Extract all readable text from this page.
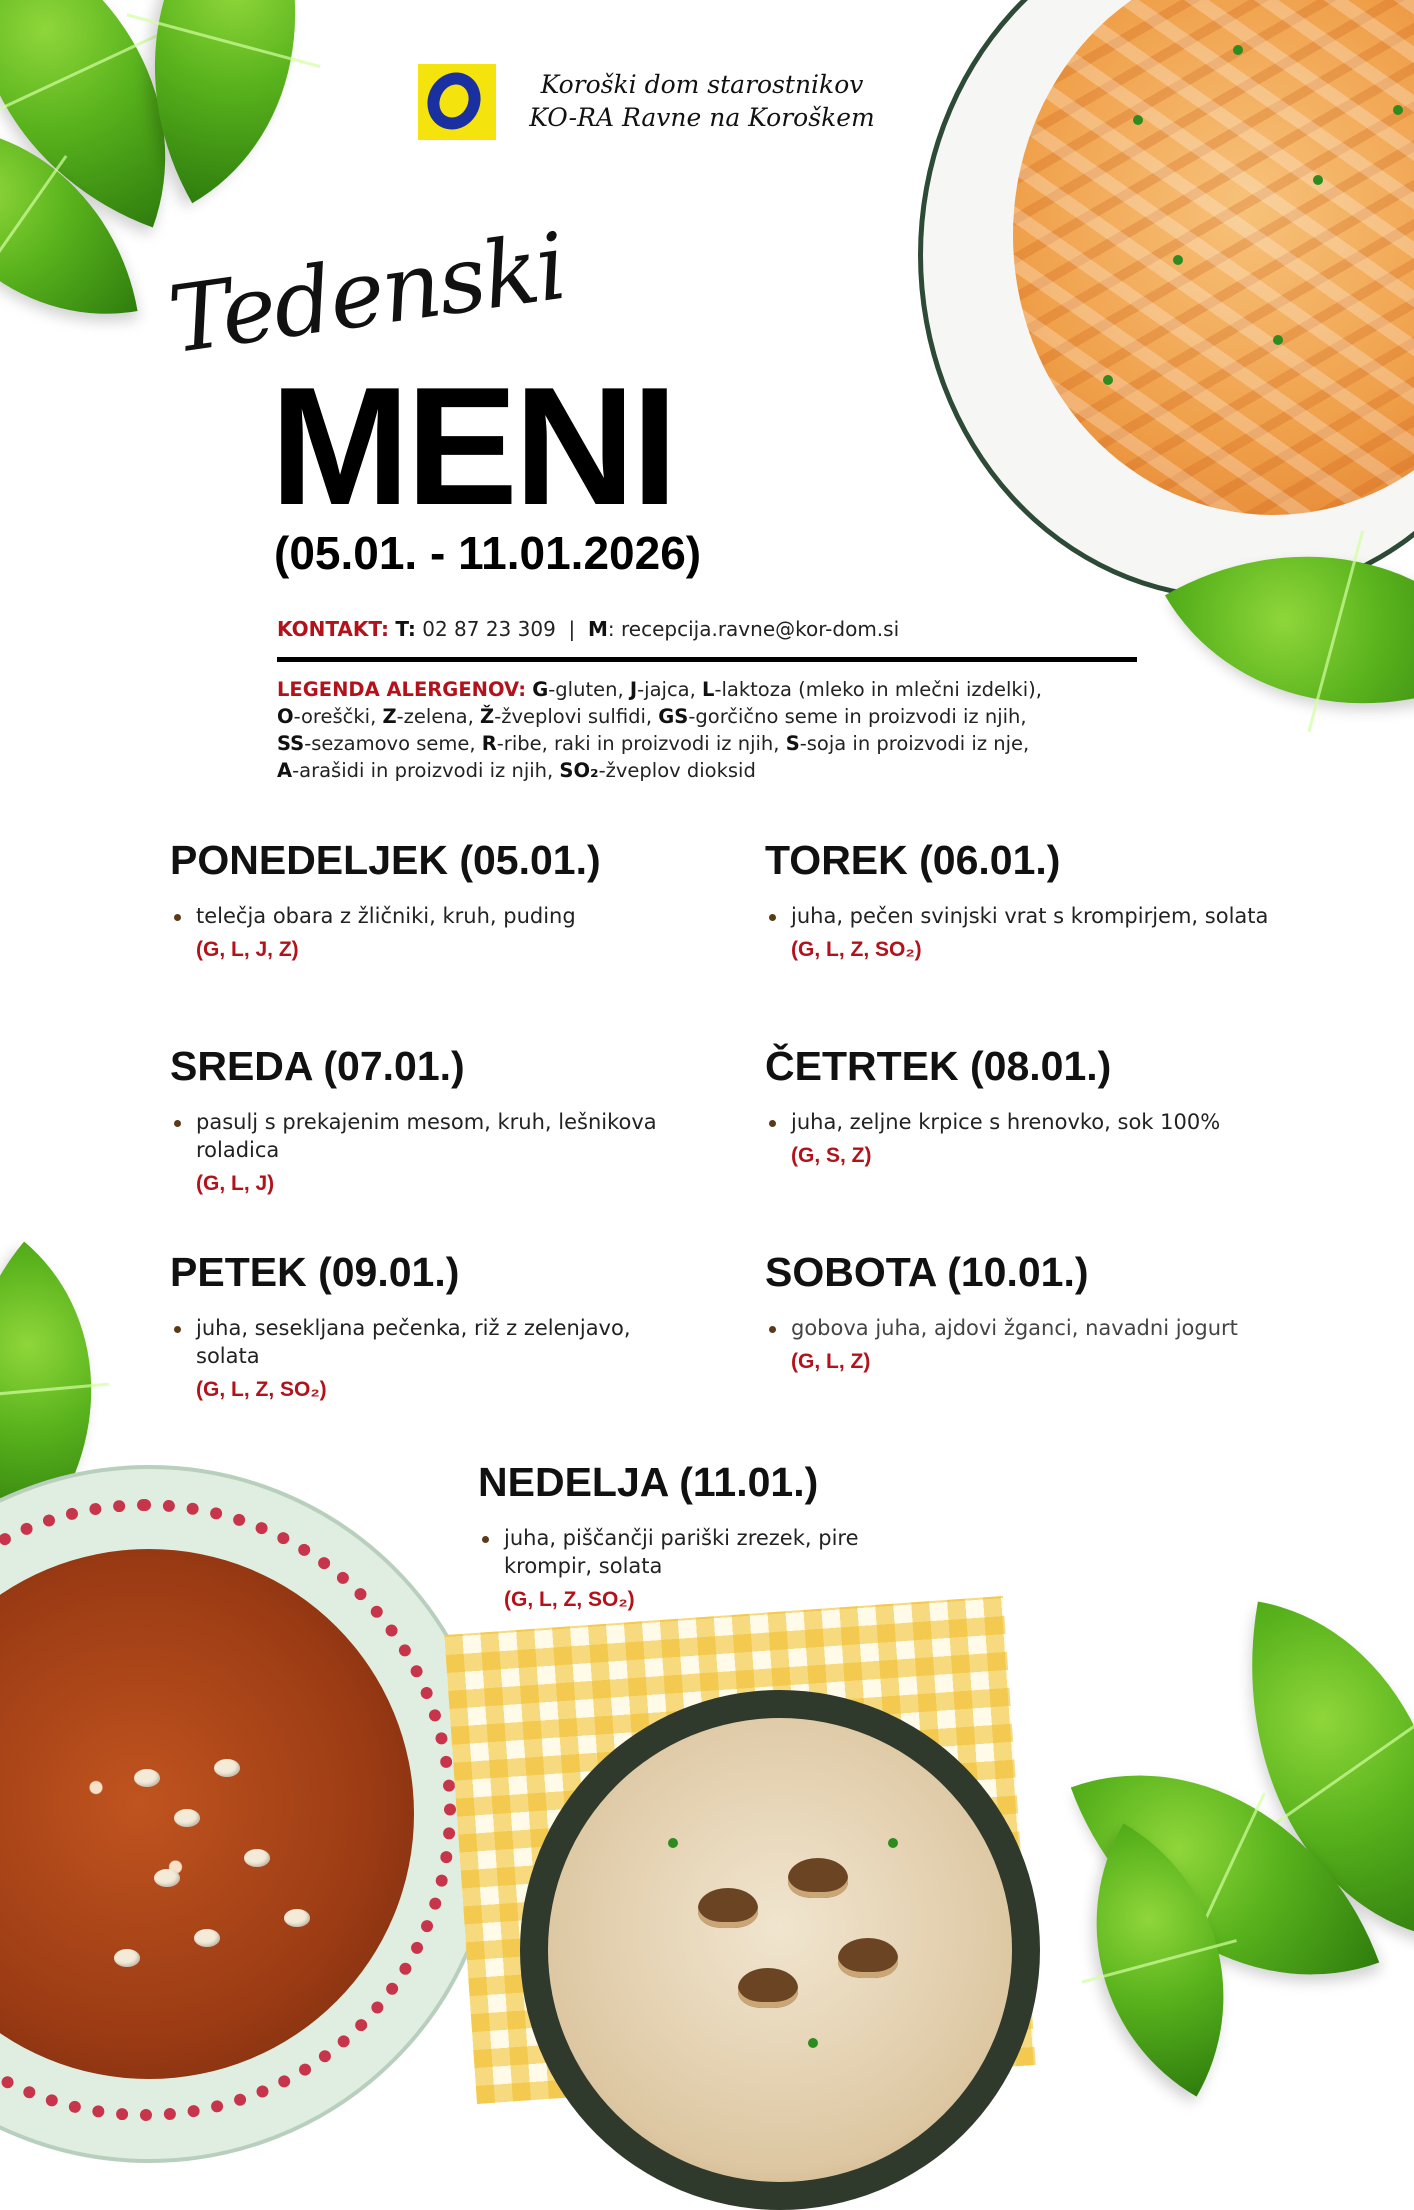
Koroški dom starostnikov
KO-RA Ravne na Koroškem
Tedenski
MENI
(05.01. - 11.01.2026)
KONTAKT: T: 02 87 23 309 | M: recepcija.ravne@kor-dom.si
LEGENDA ALERGENOV: G-gluten, J-jajca, L-laktoza (mleko in mlečni izdelki),
O-oreščki, Z-zelena, Ž-žveplovi sulfidi, GS-gorčično seme in proizvodi iz njih,
SS-sezamovo seme, R-ribe, raki in proizvodi iz njih, S-soja in proizvodi iz nje,
A-arašidi in proizvodi iz njih, SO₂-žveplov dioksid
PONEDELJEK (05.01.)
telečja obara z žličniki, kruh, puding
(G, L, J, Z)
TOREK (06.01.)
juha, pečen svinjski vrat s krompirjem, solata
(G, L, Z, SO₂)
SREDA (07.01.)
pasulj s prekajenim mesom, kruh, lešnikova roladica
(G, L, J)
ČETRTEK (08.01.)
juha, zeljne krpice s hrenovko, sok 100%
(G, S, Z)
PETEK (09.01.)
juha, sesekljana pečenka, riž z zelenjavo, solata
(G, L, Z, SO₂)
SOBOTA (10.01.)
gobova juha, ajdovi žganci, navadni jogurt
(G, L, Z)
NEDELJA (11.01.)
juha, piščančji pariški zrezek, pire krompir, solata
(G, L, Z, SO₂)
